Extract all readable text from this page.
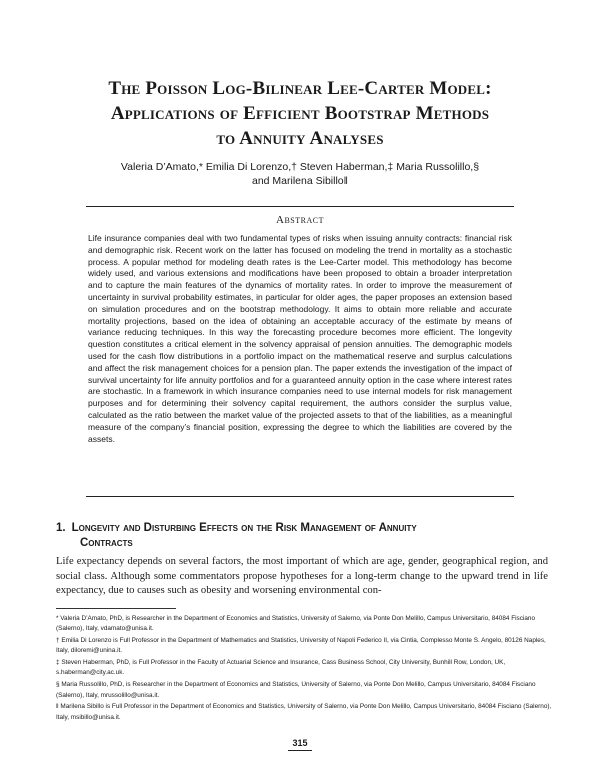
The Poisson Log-Bilinear Lee-Carter Model:
Applications of Efficient Bootstrap Methods
to Annuity Analyses
Valeria D’Amato,* Emilia Di Lorenzo,† Steven Haberman,‡ Maria Russolillo,§
and Marilena Sibillo‖
Abstract

Life insurance companies deal with two fundamental types of risks when issuing annuity contracts: financial risk and demographic risk. Recent work on the latter has focused on modeling the trend in mortality as a stochastic process. A popular method for modeling death rates is the Lee-Carter model. This methodology has become widely used, and various extensions and modifications have been proposed to obtain a broader interpretation and to capture the main features of the dynamics of mortality rates. In order to improve the measurement of uncertainty in survival probability estimates, in particular for older ages, the paper proposes an extension based on simulation procedures and on the bootstrap methodology. It aims to obtain more reliable and accurate mortality projections, based on the idea of obtaining an acceptable accuracy of the estimate by means of variance reducing techniques. In this way the forecasting procedure becomes more efficient. The longevity question constitutes a critical element in the solvency appraisal of pension annuities. The demographic models used for the cash flow distributions in a portfolio impact on the mathematical reserve and surplus calculations and affect the risk management choices for a pension plan. The paper extends the investigation of the impact of survival uncertainty for life annuity portfolios and for a guaranteed annuity option in the case where interest rates are stochastic. In a framework in which insurance companies need to use internal models for risk management purposes and for determining their solvency capital requirement, the authors consider the surplus value, calculated as the ratio between the market value of the projected assets to that of the liabilities, as a meaningful measure of the company’s financial position, expressing the degree to which the liabilities are covered by the assets.

1. Longevity and Disturbing Effects on the Risk Management of Annuity
Contracts

Life expectancy depends on several factors, the most important of which are age, gender, geographical region, and social class. Although some commentators propose hypotheses for a long-term change to the upward trend in life expectancy, due to causes such as obesity and worsening environmental con-

* Valeria D’Amato, PhD, is Researcher in the Department of Economics and Statistics, University of Salerno, via Ponte Don Melillo, Campus Universitario, 84084 Fisciano (Salerno), Italy, vdamato@unisa.it.

† Emilia Di Lorenzo is Full Professor in the Department of Mathematics and Statistics, University of Napoli Federico II, via Cintia, Complesso Monte S. Angelo, 80126 Naples, Italy, diloremi@unina.it.

‡ Steven Haberman, PhD, is Full Professor in the Faculty of Actuarial Science and Insurance, Cass Business School, City University, Bunhill Row, London, UK, s.haberman@city.ac.uk.

§ Maria Russolillo, PhD, is Researcher in the Department of Economics and Statistics, University of Salerno, via Ponte Don Melillo, Campus Universitario, 84084 Fisciano (Salerno), Italy, mrussolillo@unisa.it.

‖ Marilena Sibillo is Full Professor in the Department of Economics and Statistics, University of Salerno, via Ponte Don Melillo, Campus Universitario, 84084 Fisciano (Salerno), Italy, msibillo@unisa.it.

315
